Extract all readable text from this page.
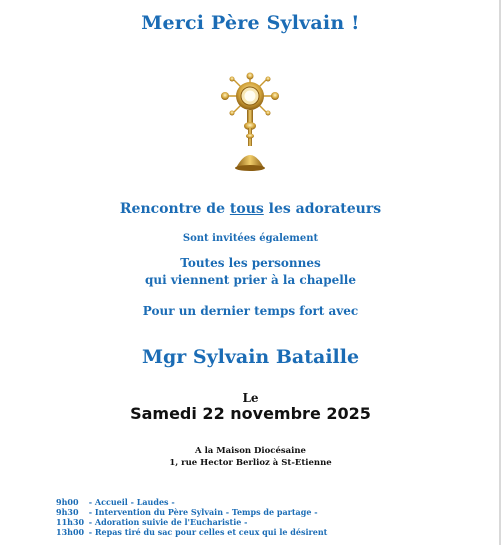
Merci Père Sylvain !
Rencontre de tous les adorateurs
Sont invitées également
Toutes les personnes
qui viennent prier à la chapelle
Pour un dernier temps fort avec
Mgr Sylvain Bataille
Le
Samedi 22 novembre 2025
A la Maison Diocésaine
1, rue Hector Berlioz à St-Etienne
9h00 - Accueil - Laudes -
9h30 - Intervention du Père Sylvain - Temps de partage -
11h30 - Adoration suivie de l'Eucharistie -
13h00 - Repas tiré du sac pour celles et ceux qui le désirent
